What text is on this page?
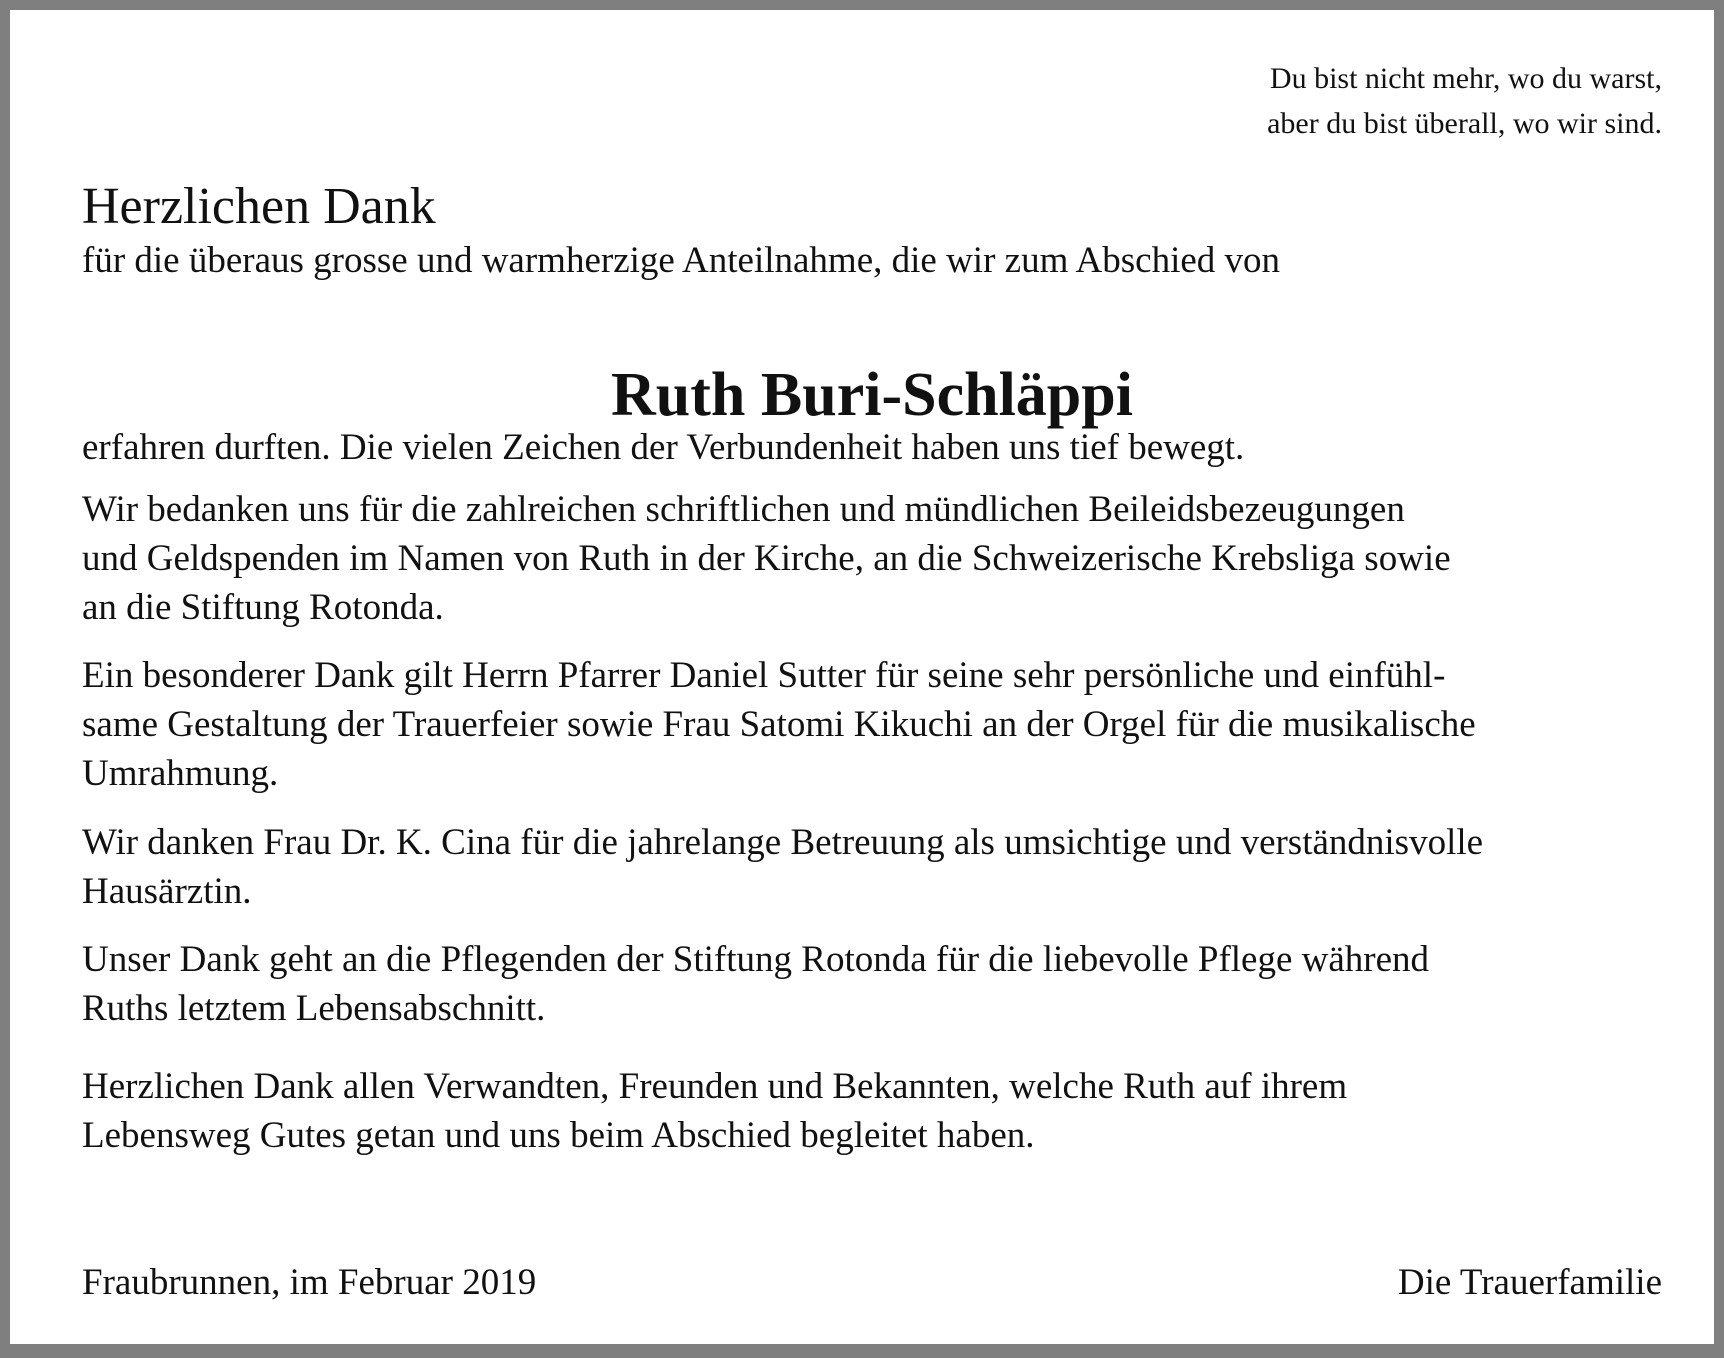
Du bist nicht mehr, wo du warst,
aber du bist überall, wo wir sind.
Herzlichen Dank
für die überaus grosse und warmherzige Anteilnahme, die wir zum Abschied von
Ruth Buri-Schläppi
erfahren durften. Die vielen Zeichen der Verbundenheit haben uns tief bewegt.
Wir bedanken uns für die zahlreichen schriftlichen und mündlichen Beileidsbezeugungen
und Geldspenden im Namen von Ruth in der Kirche, an die Schweizerische Krebsliga sowie
an die Stiftung Rotonda.
Ein besonderer Dank gilt Herrn Pfarrer Daniel Sutter für seine sehr persönliche und einfühl-
same Gestaltung der Trauerfeier sowie Frau Satomi Kikuchi an der Orgel für die musikalische
Umrahmung.
Wir danken Frau Dr. K. Cina für die jahrelange Betreuung als umsichtige und verständnisvolle
Hausärztin.
Unser Dank geht an die Pflegenden der Stiftung Rotonda für die liebevolle Pflege während
Ruths letztem Lebensabschnitt.
Herzlichen Dank allen Verwandten, Freunden und Bekannten, welche Ruth auf ihrem
Lebensweg Gutes getan und uns beim Abschied begleitet haben.
Fraubrunnen, im Februar 2019	Die Trauerfamilie
